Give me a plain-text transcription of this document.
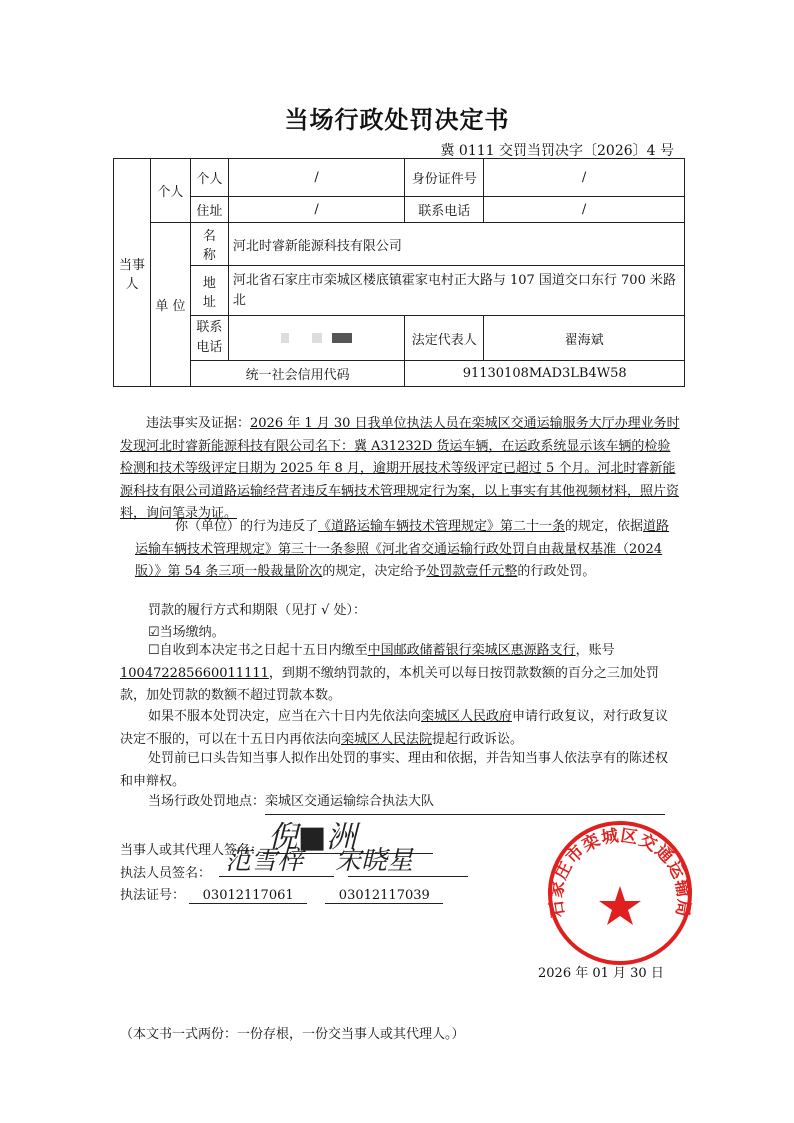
当场行政处罚决定书
冀 0111 交罚当罚决字〔2026〕4 号
当事人	个人	个人	/	身份证件号	/
		住址	/	联系电话	/
	单 位	名 称	河北时睿新能源科技有限公司		
		地 址	河北省石家庄市栾城区楼底镇霍家屯村正大路与 107 国道交口东行 700 米路北		
		联系电话		法定代表人	翟海斌
		统一社会信用代码		91130108MAD3LB4W58	
违法事实及证据：2026 年 1 月 30 日我单位执法人员在栾城区交通运输服务大厅办理业务时发现河北时睿新能源科技有限公司名下：冀 A31232D 货运车辆，在运政系统显示该车辆的检验检测和技术等级评定日期为 2025 年 8 月，逾期开展技术等级评定已超过 5 个月。河北时睿新能源科技有限公司道路运输经营者违反车辆技术管理规定行为案，以上事实有其他视频材料，照片资料，询问笔录为证。
你（单位）的行为违反了《道路运输车辆技术管理规定》第二十一条的规定，依据道路运输车辆技术管理规定》第三十一条参照《河北省交通运输行政处罚自由裁量权基准（2024 版）》第 54 条三项一般裁量阶次的规定，决定给予处罚款壹仟元整的行政处罚。
罚款的履行方式和期限（见打 √ 处）：
☑当场缴纳。
☐自收到本决定书之日起十五日内缴至中国邮政储蓄银行栾城区惠源路支行，账号100472285660011111，到期不缴纳罚款的，本机关可以每日按罚款数额的百分之三加处罚款，加处罚款的数额不超过罚款本数。
如果不服本处罚决定，应当在六十日内先依法向栾城区人民政府申请行政复议，对行政复议决定不服的，可以在十五日内再依法向栾城区人民法院提起行政诉讼。
处罚前已口头告知当事人拟作出处罚的事实、理由和依据，并告知当事人依法享有的陈述权和申辩权。
当场行政处罚地点：栾城区交通运输综合执法大队
当事人或其代理人签名： 倪■洲
执法人员签名： 范雪梓 宋晓星
执法证号： 03012117061	03012117039
石家庄市栾城区交通运输局
2026 年 01 月 30 日
（本文书一式两份：一份存根，一份交当事人或其代理人。）
